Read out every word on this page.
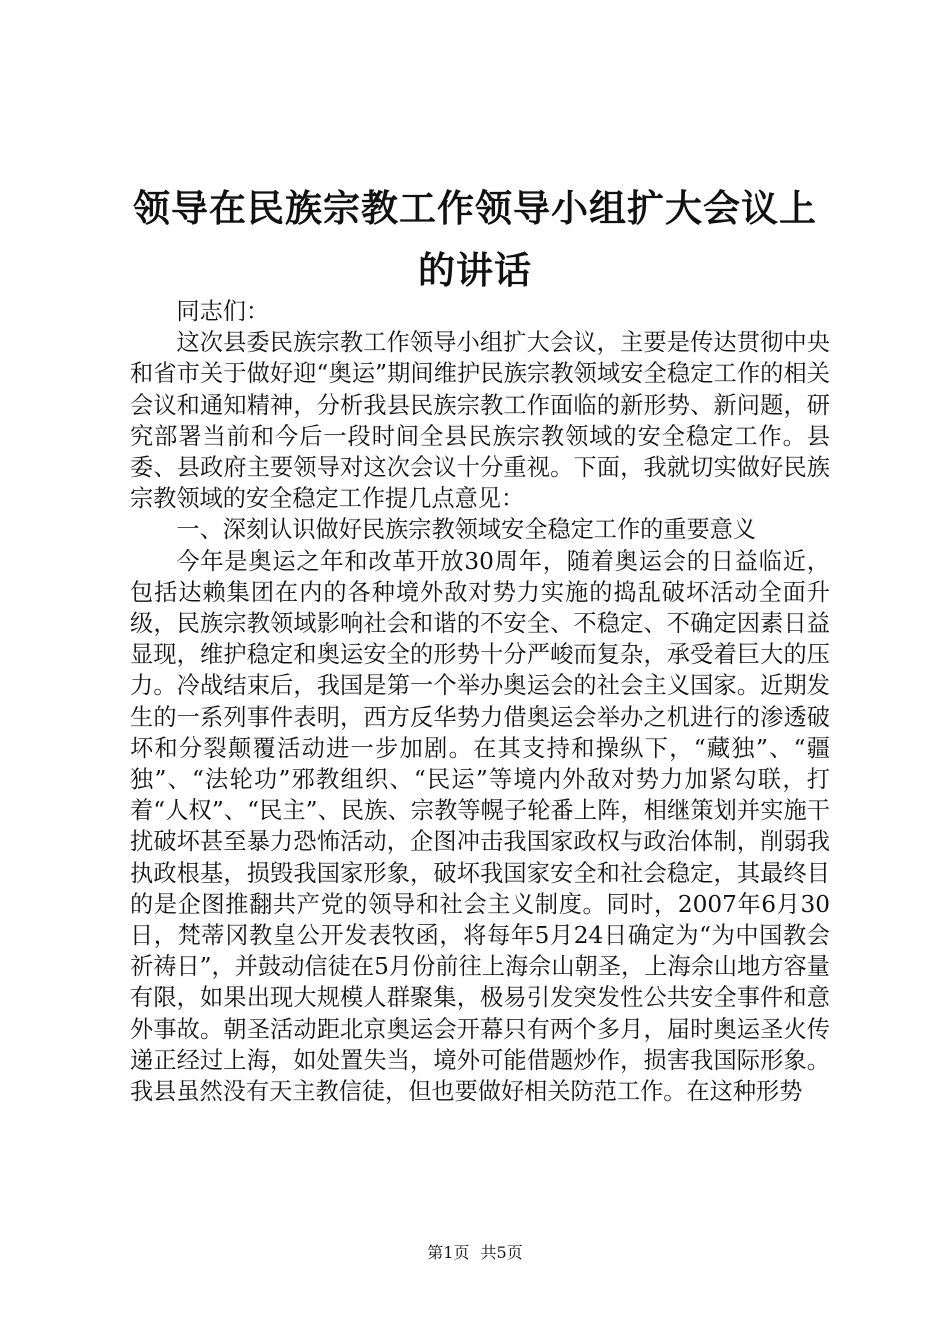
领导在民族宗教工作领导小组扩大会议上的讲话

同志们：

这次县委民族宗教工作领导小组扩大会议，主要是传达贯彻中央和省市关于做好迎“奥运”期间维护民族宗教领域安全稳定工作的相关会议和通知精神，分析我县民族宗教工作面临的新形势、新问题，研究部署当前和今后一段时间全县民族宗教领域的安全稳定工作。县委、县政府主要领导对这次会议十分重视。下面，我就切实做好民族宗教领域的安全稳定工作提几点意见：

一、深刻认识做好民族宗教领域安全稳定工作的重要意义

今年是奥运之年和改革开放30周年，随着奥运会的日益临近，包括达赖集团在内的各种境外敌对势力实施的捣乱破坏活动全面升级，民族宗教领域影响社会和谐的不安全、不稳定、不确定因素日益显现，维护稳定和奥运安全的形势十分严峻而复杂，承受着巨大的压力。冷战结束后，我国是第一个举办奥运会的社会主义国家。近期发生的一系列事件表明，西方反华势力借奥运会举办之机进行的渗透破坏和分裂颠覆活动进一步加剧。在其支持和操纵下，“藏独”、“疆独”、“法轮功”邪教组织、“民运”等境内外敌对势力加紧勾联，打着“人权”、“民主”、民族、宗教等幌子轮番上阵，相继策划并实施干扰破坏甚至暴力恐怖活动，企图冲击我国家政权与政治体制，削弱我执政根基，损毁我国家形象，破坏我国家安全和社会稳定，其最终目的是企图推翻共产党的领导和社会主义制度。同时，2007年6月30日，梵蒂冈教皇公开发表牧函，将每年5月24日确定为“为中国教会祈祷日”，并鼓动信徒在5月份前往上海佘山朝圣，上海佘山地方容量有限，如果出现大规模人群聚集，极易引发突发性公共安全事件和意外事故。朝圣活动距北京奥运会开幕只有两个多月，届时奥运圣火传递正经过上海，如处置失当，境外可能借题炒作，损害我国际形象。我县虽然没有天主教信徒，但也要做好相关防范工作。在这种形势

第1页 共5页
